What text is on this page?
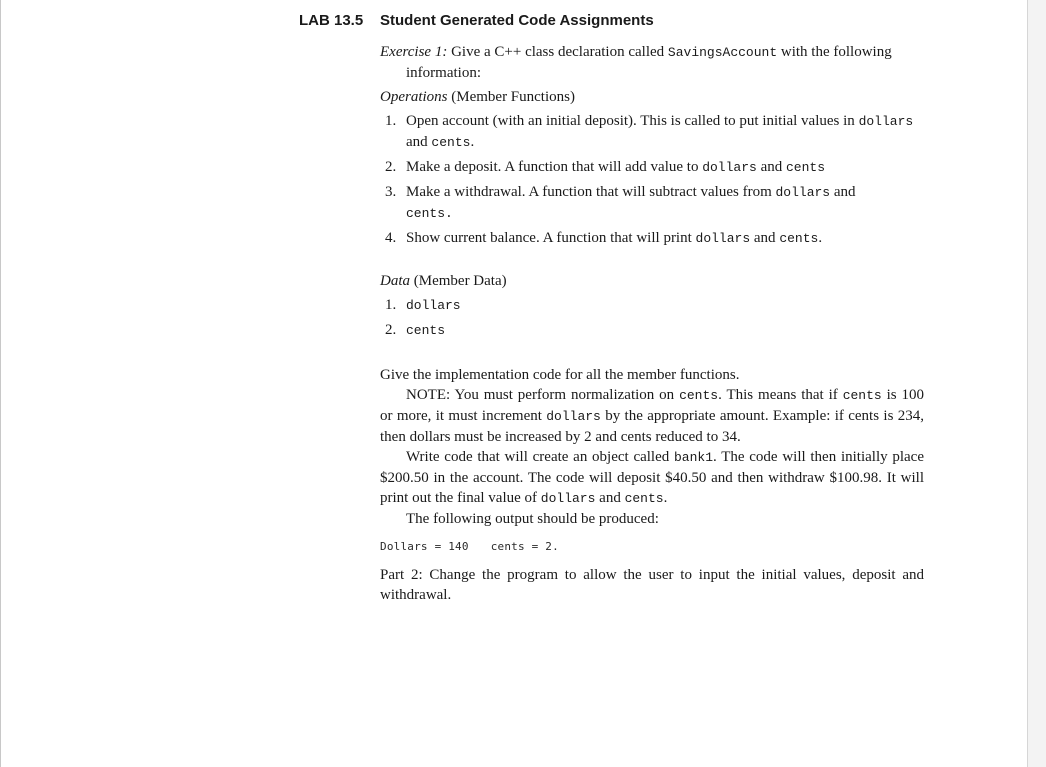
LAB 13.5 Student Generated Code Assignments

Exercise 1: Give a C++ class declaration called SavingsAccount with the following information:

Operations (Member Functions)

1. Open account (with an initial deposit). This is called to put initial values in dollars and cents.
2. Make a deposit. A function that will add value to dollars and cents
3. Make a withdrawal. A function that will subtract values from dollars and
cents.
4. Show current balance. A function that will print dollars and cents.

Data (Member Data)

1. dollars
2. cents

Give the implementation code for all the member functions.

NOTE: You must perform normalization on cents. This means that if cents is 100 or more, it must increment dollars by the appropriate amount. Example: if cents is 234, then dollars must be increased by 2 and cents reduced to 34.

Write code that will create an object called bank1. The code will then initially place $200.50 in the account. The code will deposit $40.50 and then withdraw $100.98. It will print out the final value of dollars and cents.

The following output should be produced:

Dollars = 140 cents = 2.

Part 2: Change the program to allow the user to input the initial values, deposit and withdrawal.
